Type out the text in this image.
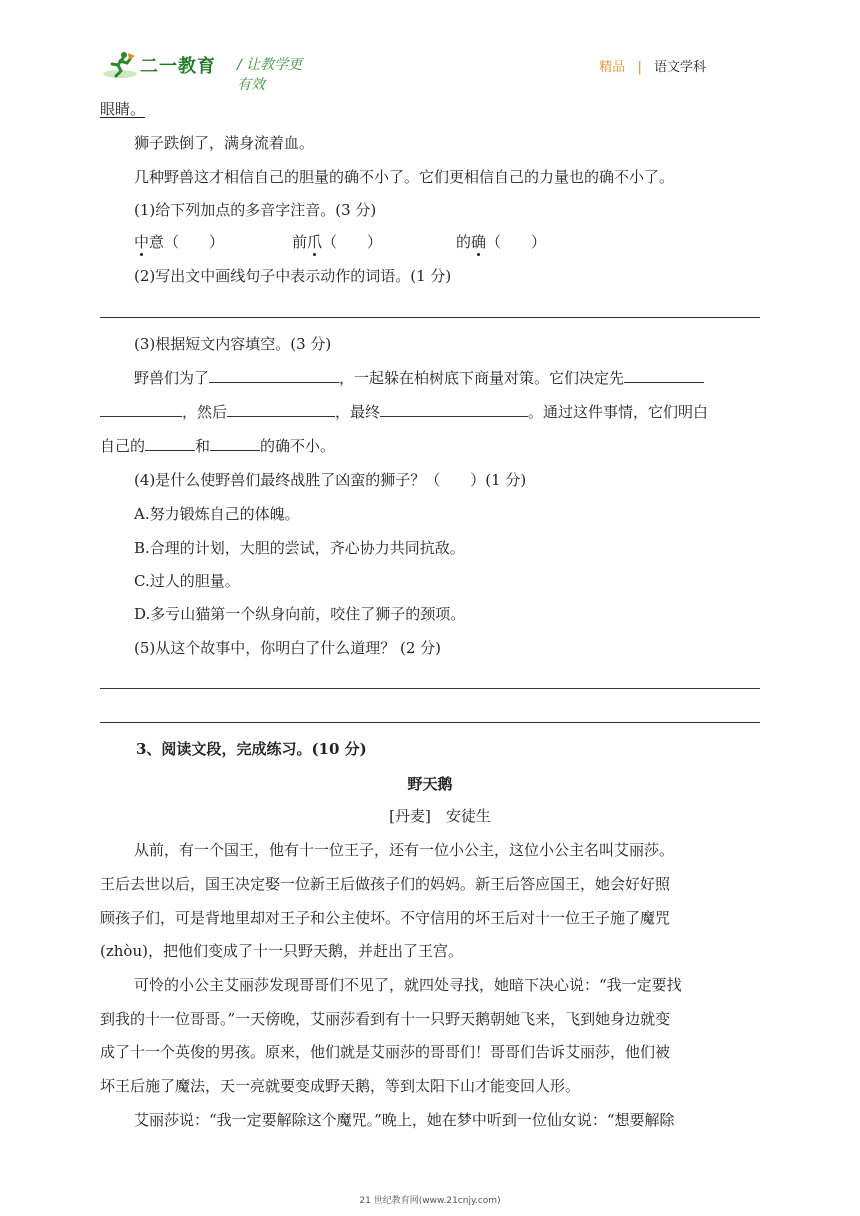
二一教育 / 让教学更有效
精品 | 语文学科
眼睛。
狮子跌倒了，满身流着血。
几种野兽这才相信自己的胆量的确不小了。它们更相信自己的力量也的确不小了。
(1)给下列加点的多音字注音。(3 分)
中意（　　）	前爪（　　）	的确（　　）
(2)写出文中画线句子中表示动作的词语。(1 分)
(3)根据短文内容填空。(3 分)
野兽们为了	，一起躲在柏树底下商量对策。它们决定先
，然后	，最终	。通过这件事情，它们明白
自己的	和	的确不小。
(4)是什么使野兽们最终战胜了凶蛮的狮子？（　　）(1 分)
A.努力锻炼自己的体魄。
B.合理的计划，大胆的尝试，齐心协力共同抗敌。
C.过人的胆量。
D.多亏山猫第一个纵身向前，咬住了狮子的颈项。
(5)从这个故事中，你明白了什么道理？ (2 分)
3、阅读文段，完成练习。(10 分)
野天鹅
[丹麦]　安徒生
从前，有一个国王，他有十一位王子，还有一位小公主，这位小公主名叫艾丽莎。
王后去世以后，国王决定娶一位新王后做孩子们的妈妈。新王后答应国王，她会好好照
顾孩子们，可是背地里却对王子和公主使坏。不守信用的坏王后对十一位王子施了魔咒
(zhòu)，把他们变成了十一只野天鹅，并赶出了王宫。
可怜的小公主艾丽莎发现哥哥们不见了，就四处寻找，她暗下决心说：“我一定要找
到我的十一位哥哥。”一天傍晚，艾丽莎看到有十一只野天鹅朝她飞来，飞到她身边就变
成了十一个英俊的男孩。原来，他们就是艾丽莎的哥哥们！哥哥们告诉艾丽莎，他们被
坏王后施了魔法，天一亮就要变成野天鹅，等到太阳下山才能变回人形。
艾丽莎说：“我一定要解除这个魔咒。”晚上，她在梦中听到一位仙女说：“想要解除
21 世纪教育网(www.21cnjy.com)
